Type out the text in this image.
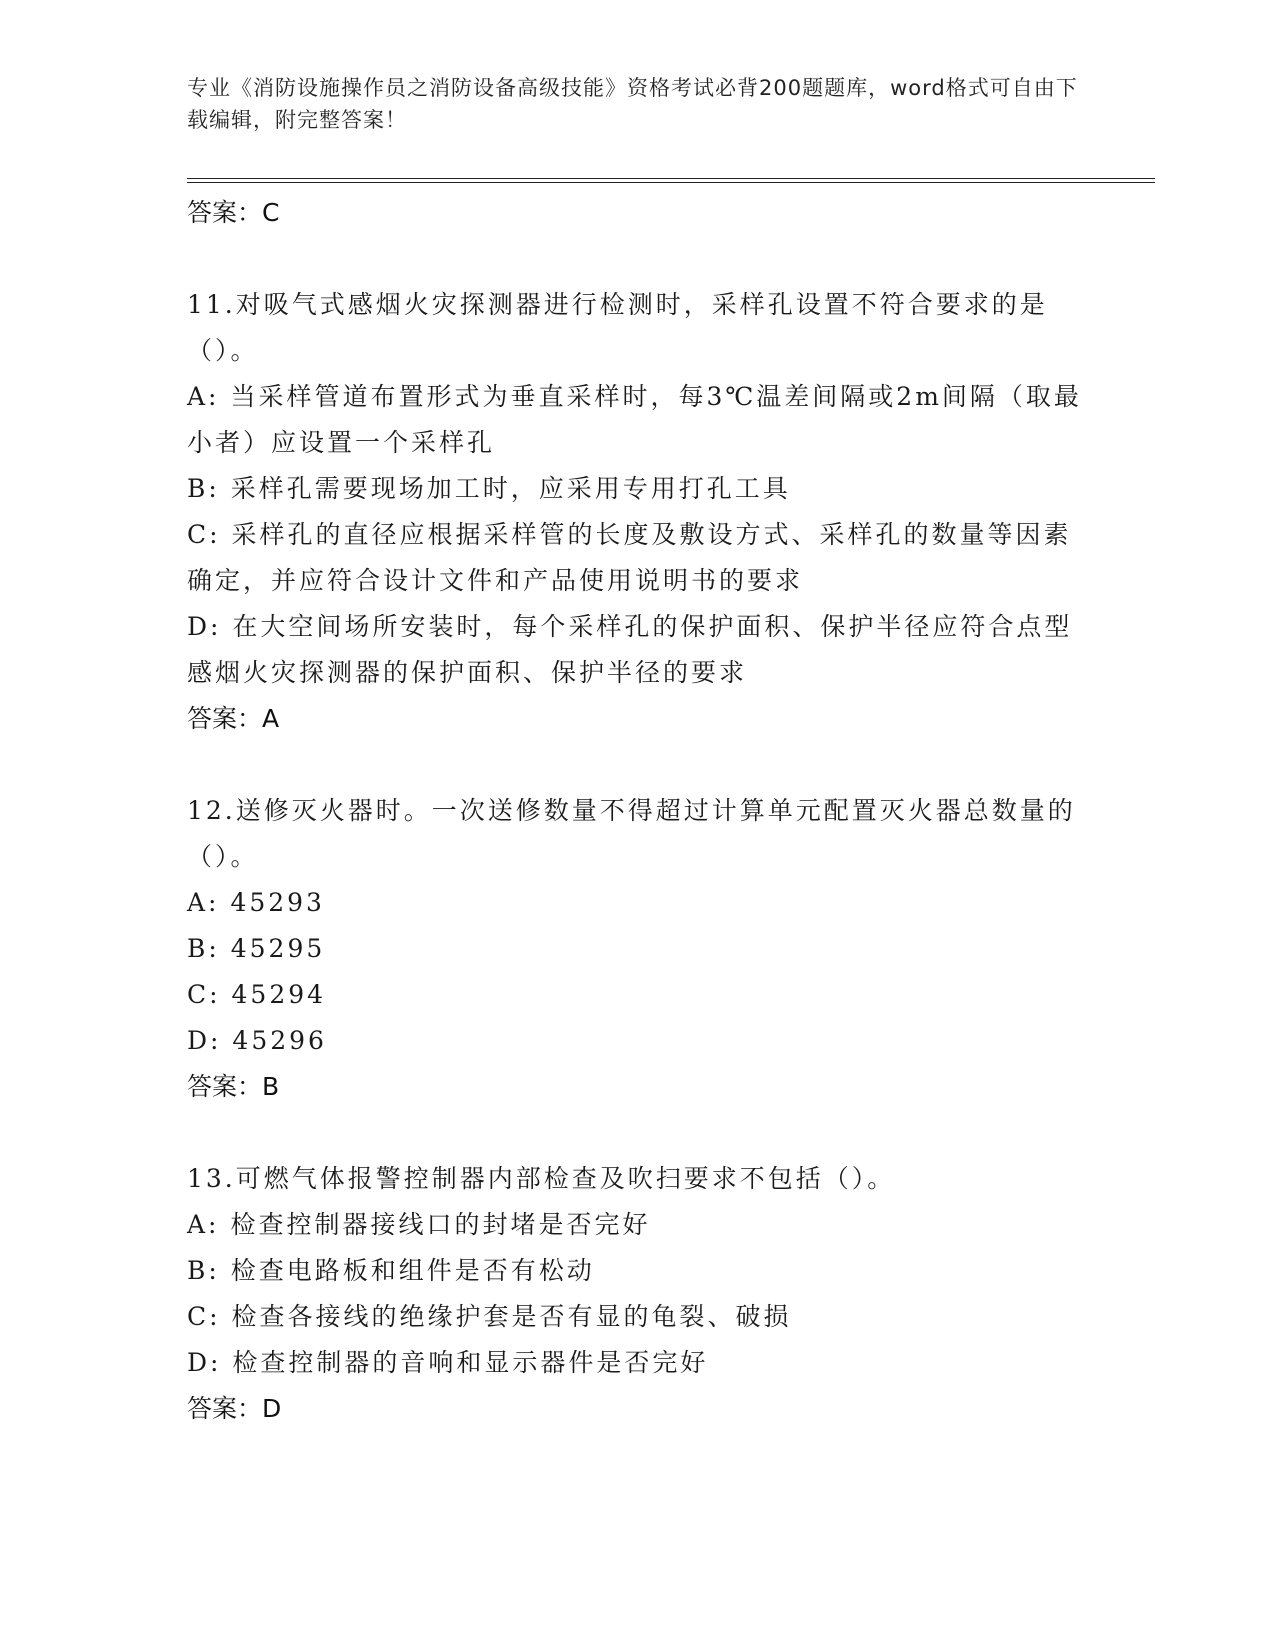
专业《消防设施操作员之消防设备高级技能》资格考试必背200题题库，word格式可自由下载编辑，附完整答案！
答案：C
11.对吸气式感烟火灾探测器进行检测时，采样孔设置不符合要求的是（）。
A: 当采样管道布置形式为垂直采样时，每3℃温差间隔或2m间隔（取最小者）应设置一个采样孔
B: 采样孔需要现场加工时，应采用专用打孔工具
C: 采样孔的直径应根据采样管的长度及敷设方式、采样孔的数量等因素确定，并应符合设计文件和产品使用说明书的要求
D: 在大空间场所安装时，每个采样孔的保护面积、保护半径应符合点型感烟火灾探测器的保护面积、保护半径的要求
答案：A
12.送修灭火器时。一次送修数量不得超过计算单元配置灭火器总数量的（）。
A: 45293
B: 45295
C: 45294
D: 45296
答案：B
13.可燃气体报警控制器内部检查及吹扫要求不包括（）。
A: 检查控制器接线口的封堵是否完好
B: 检查电路板和组件是否有松动
C: 检查各接线的绝缘护套是否有显的龟裂、破损
D: 检查控制器的音响和显示器件是否完好
答案：D
